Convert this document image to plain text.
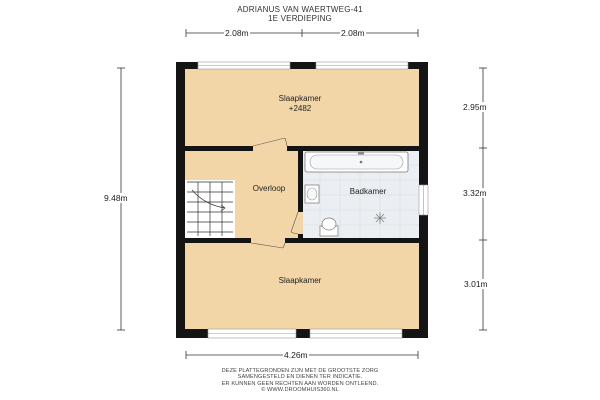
ADRIANUS VAN WAERTWEG-41
1E VERDIEPING
2.08m	2.08m
9.48m
2.95m
3.32m
3.01m
4.26m
Slaapkamer
+2482
Overloop	Badkamer
Slaapkamer
DEZE PLATTEGRONDEN ZIJN MET DE GROOTSTE ZORG
SAMENGESTELD EN DIENEN TER INDICATIE.
ER KUNNEN GEEN RECHTEN AAN WORDEN ONTLEEND.
© WWW.DROOMHUIS360.NL
